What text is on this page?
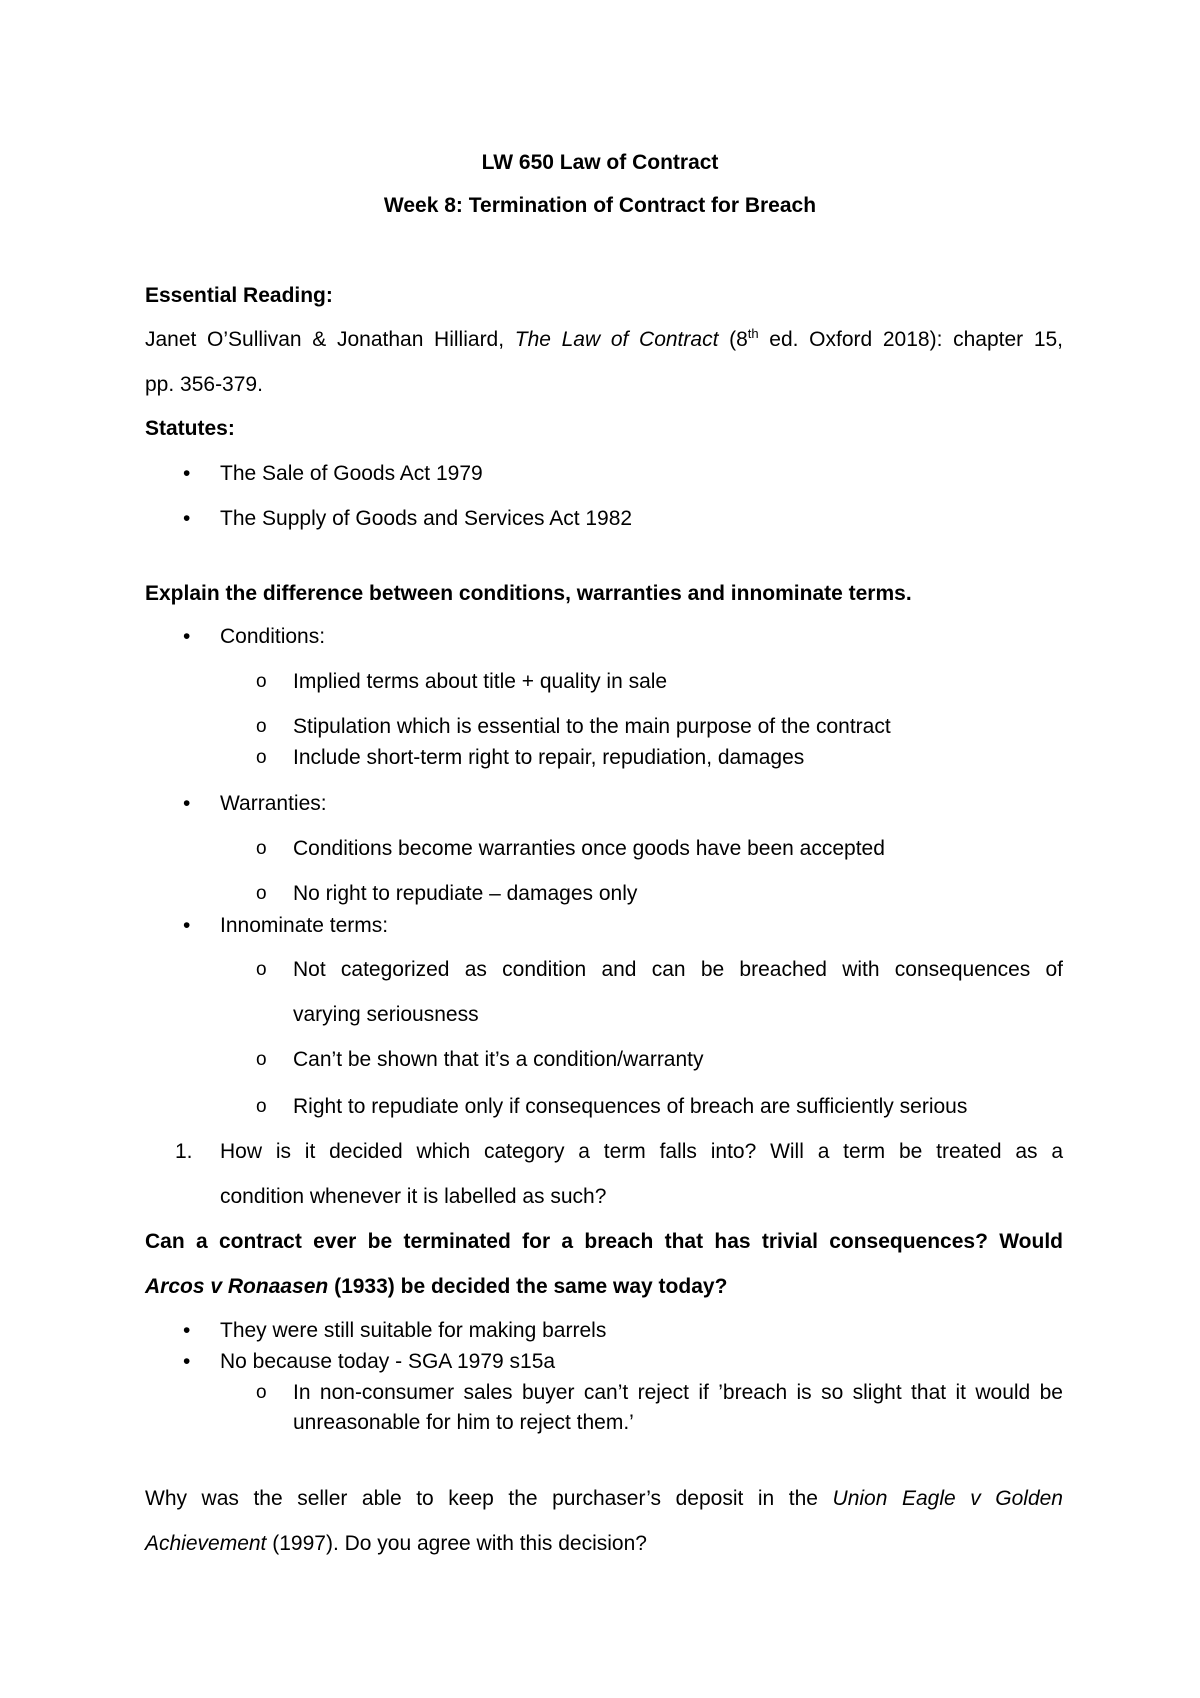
LW 650 Law of Contract
Week 8: Termination of Contract for Breach
Essential Reading:
Janet O’Sullivan & Jonathan Hilliard, The Law of Contract (8th ed. Oxford 2018): chapter 15,
pp. 356-379.
Statutes:
• The Sale of Goods Act 1979
• The Supply of Goods and Services Act 1982
Explain the difference between conditions, warranties and innominate terms.
• Conditions:
o Implied terms about title + quality in sale
o Stipulation which is essential to the main purpose of the contract
o Include short-term right to repair, repudiation, damages
• Warranties:
o Conditions become warranties once goods have been accepted
o No right to repudiate – damages only
• Innominate terms:
o Not categorized as condition and can be breached with consequences of
varying seriousness
o Can’t be shown that it’s a condition/warranty
o Right to repudiate only if consequences of breach are sufficiently serious
1. How is it decided which category a term falls into? Will a term be treated as a
condition whenever it is labelled as such?
Can a contract ever be terminated for a breach that has trivial consequences? Would
Arcos v Ronaasen (1933) be decided the same way today?
• They were still suitable for making barrels
• No because today - SGA 1979 s15a
o In non-consumer sales buyer can’t reject if ’breach is so slight that it would be
unreasonable for him to reject them.’
Why was the seller able to keep the purchaser’s deposit in the Union Eagle v Golden
Achievement (1997). Do you agree with this decision?
